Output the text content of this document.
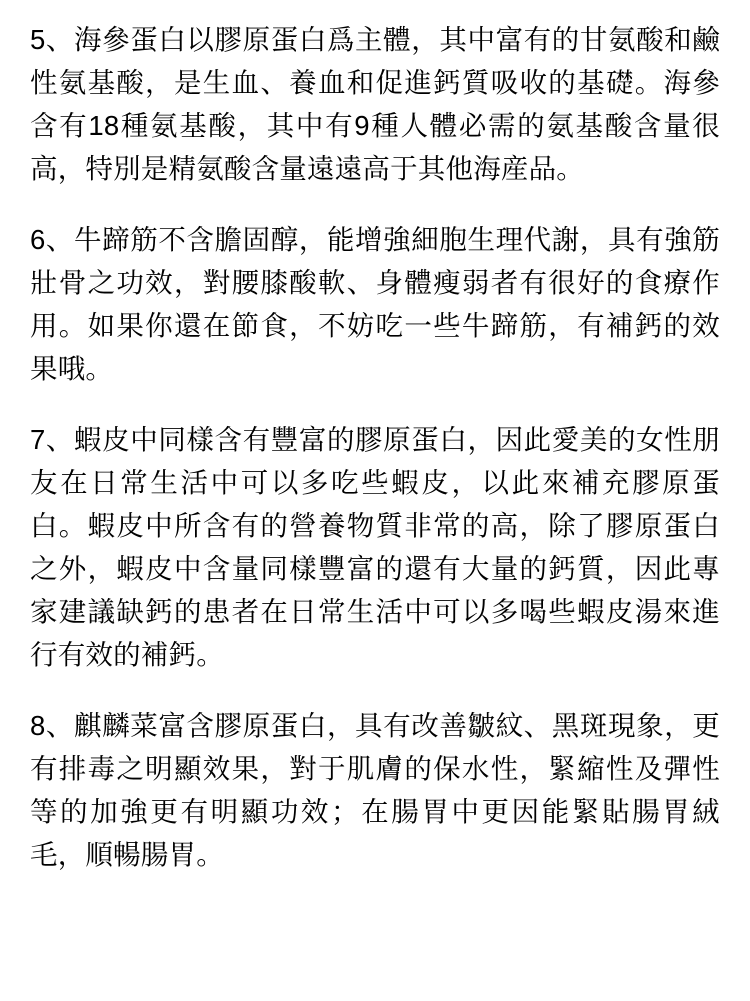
5、海參蛋白以膠原蛋白爲主體，其中富有的甘氨酸和鹼性氨基酸，是生血、養血和促進鈣質吸收的基礎。海參含有18種氨基酸，其中有9種人體必需的氨基酸含量很高，特別是精氨酸含量遠遠高于其他海産品。

6、牛蹄筋不含膽固醇，能增強細胞生理代謝，具有強筋壯骨之功效，對腰膝酸軟、身體瘦弱者有很好的食療作用。如果你還在節食，不妨吃一些牛蹄筋，有補鈣的效果哦。

7、蝦皮中同樣含有豐富的膠原蛋白，因此愛美的女性朋友在日常生活中可以多吃些蝦皮，以此來補充膠原蛋白。蝦皮中所含有的營養物質非常的高，除了膠原蛋白之外，蝦皮中含量同樣豐富的還有大量的鈣質，因此專家建議缺鈣的患者在日常生活中可以多喝些蝦皮湯來進行有效的補鈣。

8、麒麟菜富含膠原蛋白，具有改善皺紋、黑斑現象，更有排毒之明顯效果，對于肌膚的保水性，緊縮性及彈性等的加強更有明顯功效；在腸胃中更因能緊貼腸胃絨毛，順暢腸胃。
